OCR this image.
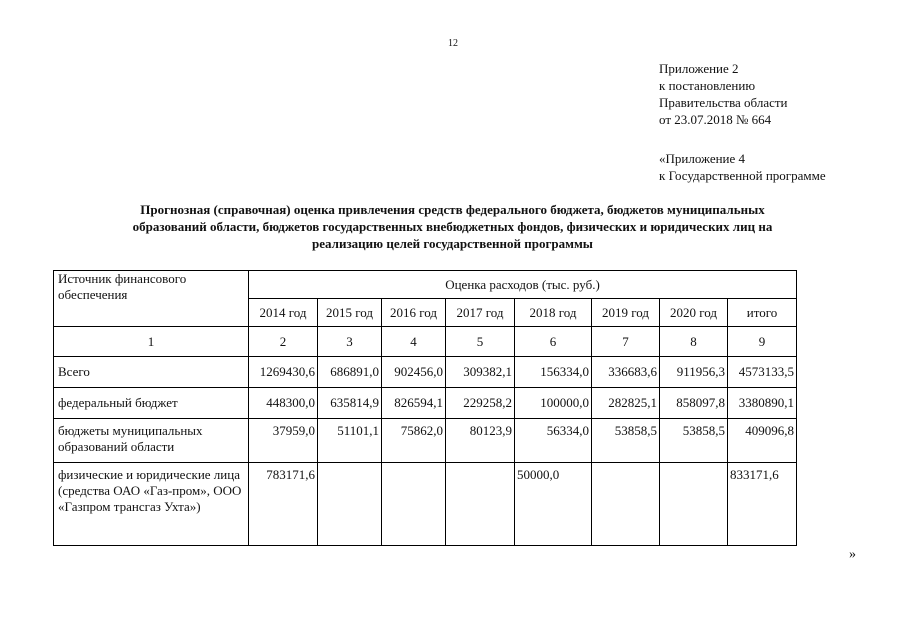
12
Приложение 2
к постановлению
Правительства области
от 23.07.2018 № 664
«Приложение 4
к Государственной программе
Прогнозная (справочная) оценка привлечения средств федерального бюджета, бюджетов муниципальных
образований области, бюджетов государственных внебюджетных фондов, физических и юридических лиц на
реализацию целей государственной программы
Источник финансового обеспечения	Оценка расходов (тыс. руб.)							
	2014 год	2015 год	2016 год	2017 год	2018 год	2019 год	2020 год	итого
1	2	3	4	5	6	7	8	9
Всего	1269430,6	686891,0	902456,0	309382,1	156334,0	336683,6	911956,3	4573133,5
федеральный бюджет	448300,0	635814,9	826594,1	229258,2	100000,0	282825,1	858097,8	3380890,1
бюджеты муниципальных образований области	37959,0	51101,1	75862,0	80123,9	56334,0	53858,5	53858,5	409096,8
физические и юридические лица (средства ОАО «Газ-пром», ООО «Газпром трансгаз Ухта»)	783171,6				50000,0			833171,6
»
